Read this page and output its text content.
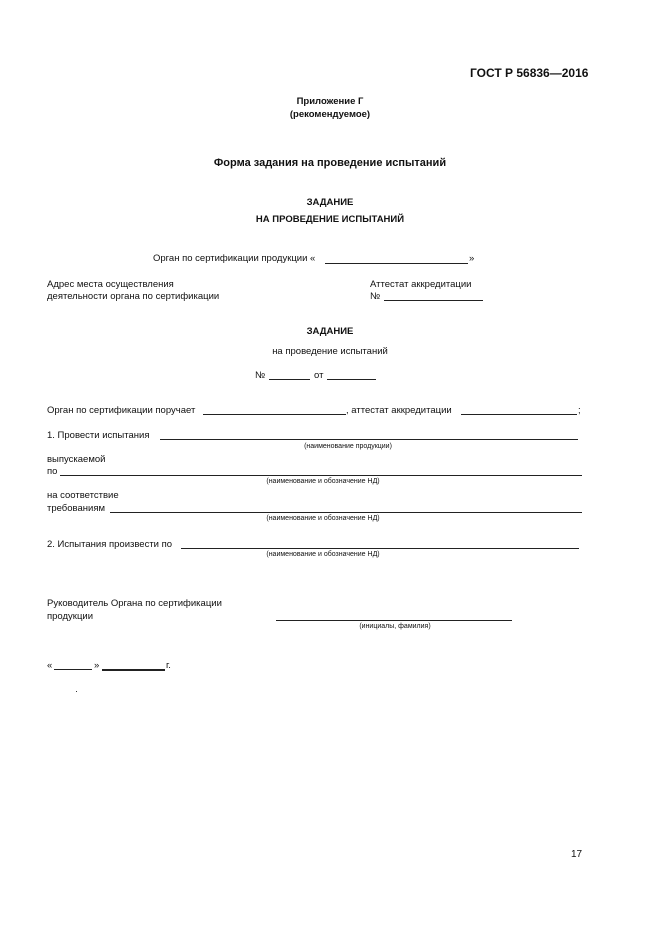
ГОСТ Р 56836—2016
Приложение Г
(рекомендуемое)
Форма задания на проведение испытаний
ЗАДАНИЕ
НА ПРОВЕДЕНИЕ ИСПЫТАНИЙ
Орган по сертификации продукции «	»
Адрес места осуществления
деятельности органа по сертификации
Аттестат аккредитации
№
ЗАДАНИЕ
на проведение испытаний
№	от
Орган по сертификации поручает	, аттестат аккредитации	;
1. Провести испытания
(наименование продукции)
выпускаемой
по
(наименование и обозначение НД)
на соответствие
требованиям
(наименование и обозначение НД)
2. Испытания произвести по
(наименование и обозначение НД)
Руководитель Органа по сертификации
продукции
(инициалы, фамилия)
«	»	г.
17
